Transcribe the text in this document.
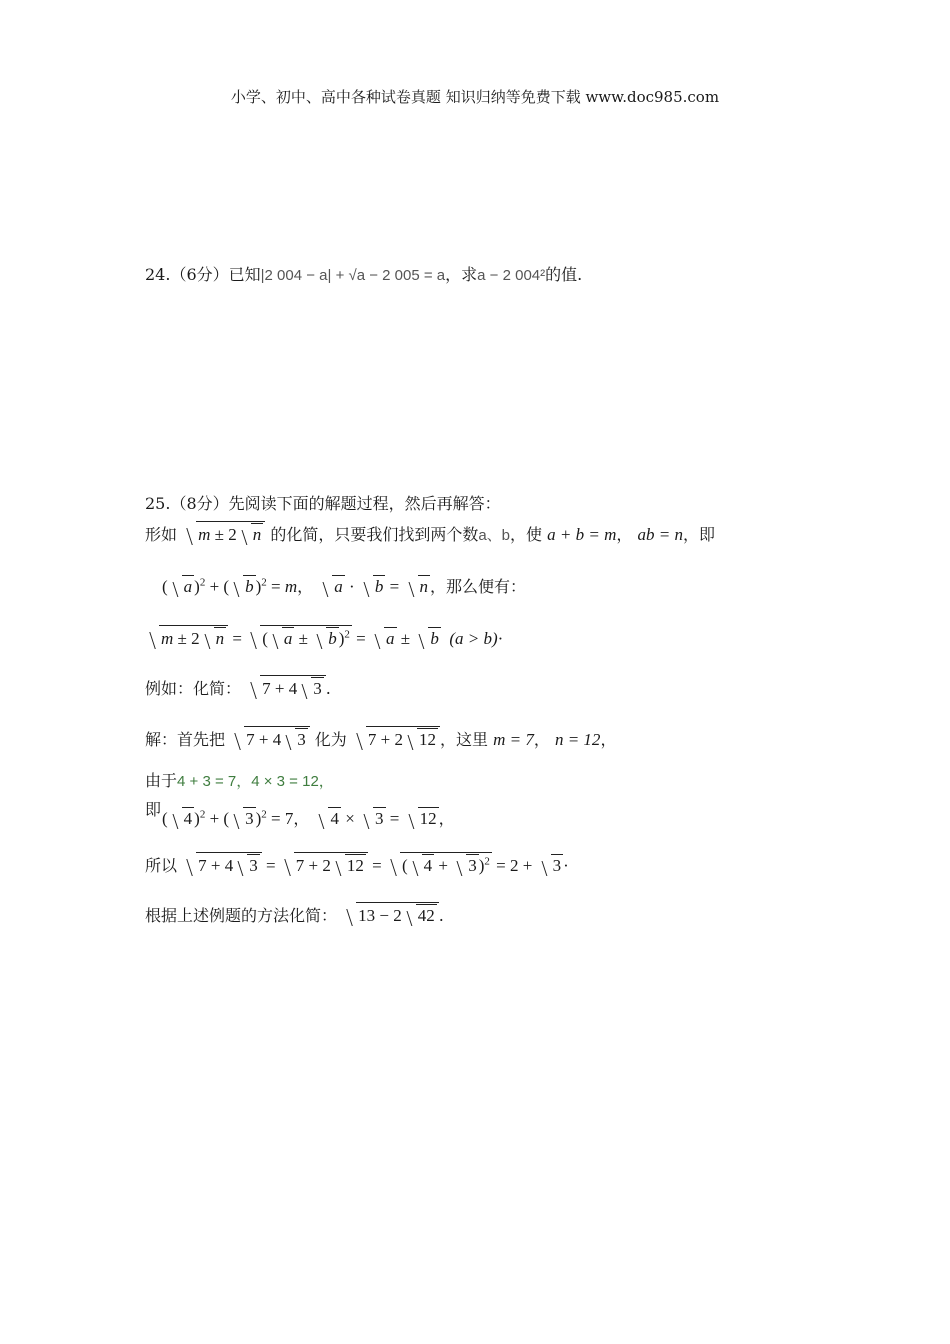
小学、初中、高中各种试卷真题 知识归纳等免费下载 www.doc985.com
24.（6分）已知|2 004 − a| + √a − 2 005 = a，求a − 2 004²的值.
25.（8分）先阅读下面的解题过程，然后再解答：
形如 m ± 2 n 的化简，只要我们找到两个数a、b，使 a + b = m， ab = n，即
( a )$^2$ + ( b )$^2$ = m， a · b = n ，那么便有：
m ± 2 n = ( a ± b )$^2$ = a ± b (a > b)·
例如：化简： 7 + 4 3 .
解：首先把 7 + 4 3 化为 7 + 2 12 ，这里 m = 7， n = 12，
由于4 + 3 = 7，4 × 3 = 12，
即 ( 4 )$^2$ + ( 3 )$^2$ = 7， 4 × 3 = 12 ，
所以 7 + 4 3 = 7 + 2 12 = ( 4 + 3 )$^2$ = 2 + 3 ·
根据上述例题的方法化简： 13 − 2 42 .
